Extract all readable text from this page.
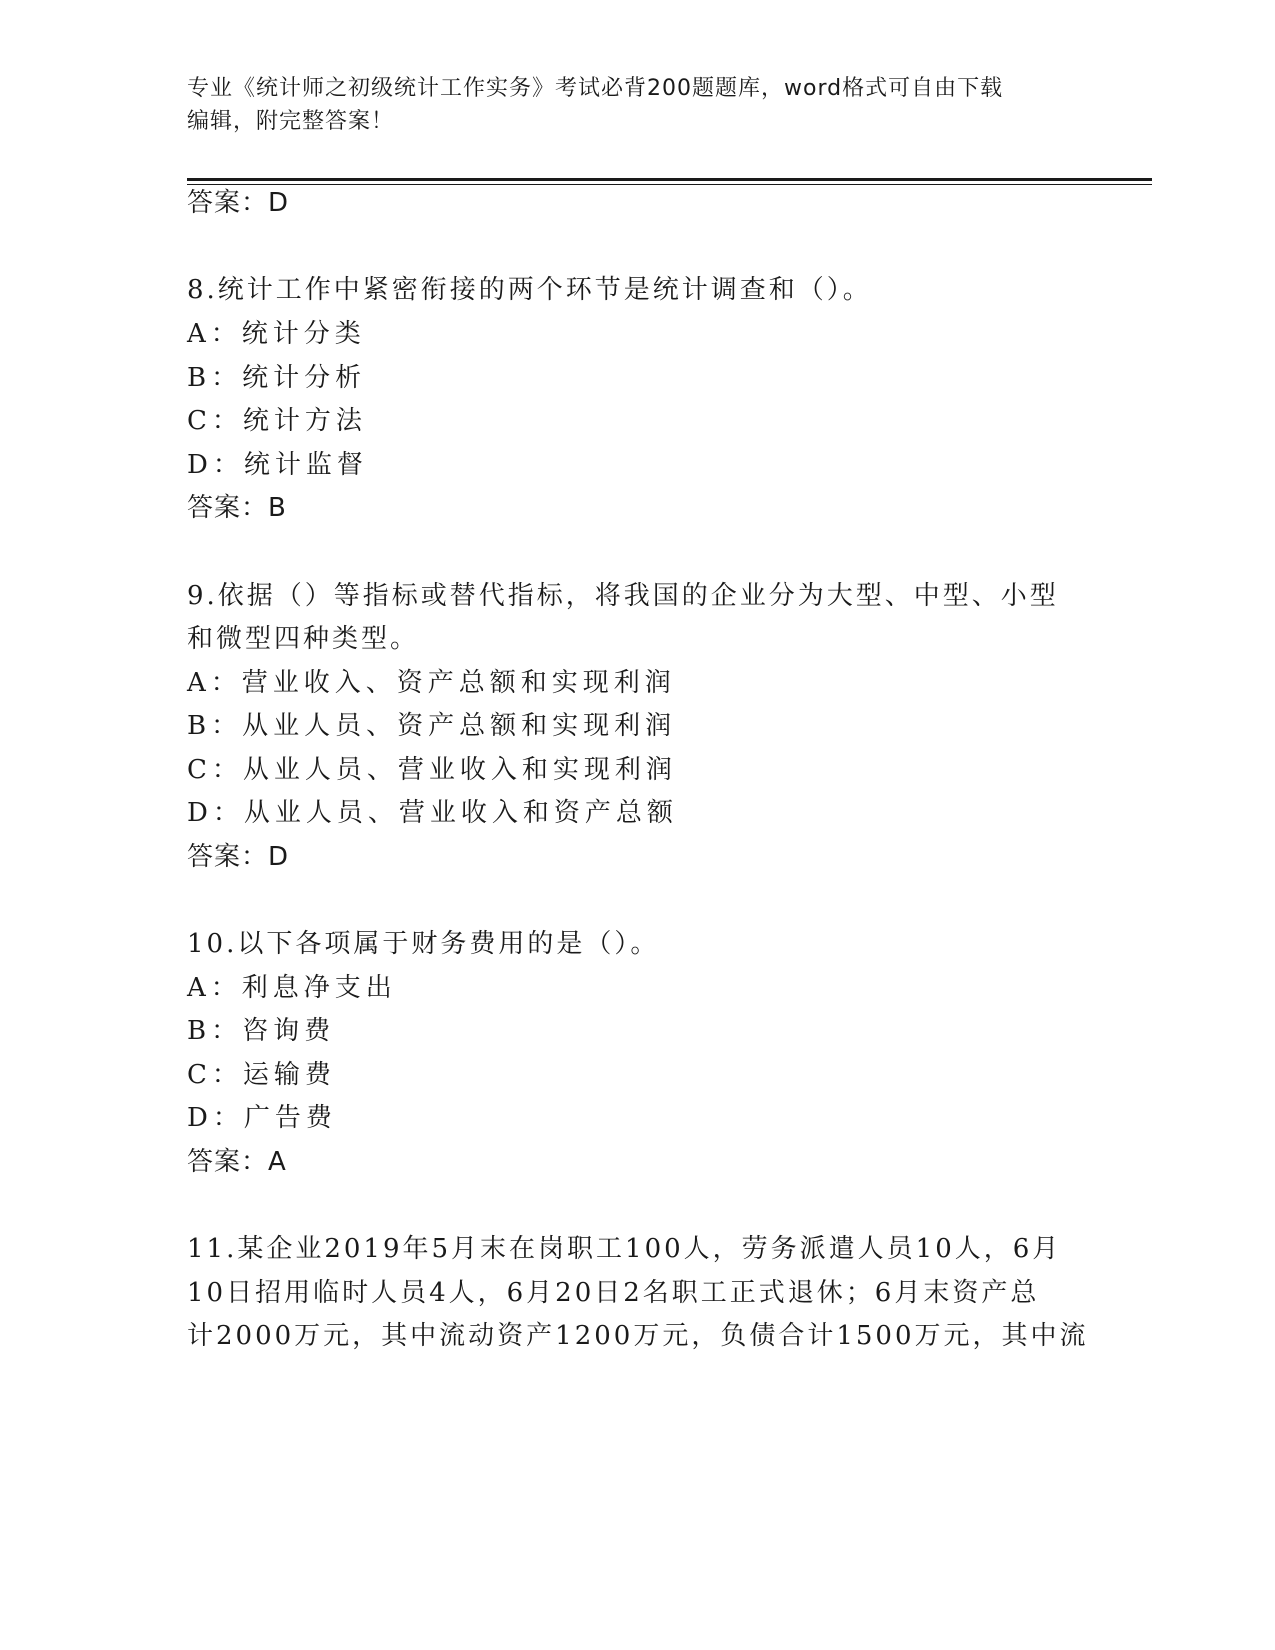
专业《统计师之初级统计工作实务》考试必背200题题库，word格式可自由下载
编辑，附完整答案！
答案：D
8.统计工作中紧密衔接的两个环节是统计调查和（）。
A：统计分类
B：统计分析
C：统计方法
D：统计监督
答案：B
9.依据（）等指标或替代指标，将我国的企业分为大型、中型、小型
和微型四种类型。
A：营业收入、资产总额和实现利润
B：从业人员、资产总额和实现利润
C：从业人员、营业收入和实现利润
D：从业人员、营业收入和资产总额
答案：D
10.以下各项属于财务费用的是（）。
A：利息净支出
B：咨询费
C：运输费
D：广告费
答案：A
11.某企业2019年5月末在岗职工100人，劳务派遣人员10人，6月
10日招用临时人员4人，6月20日2名职工正式退休；6月末资产总
计2000万元，其中流动资产1200万元，负债合计1500万元，其中流
